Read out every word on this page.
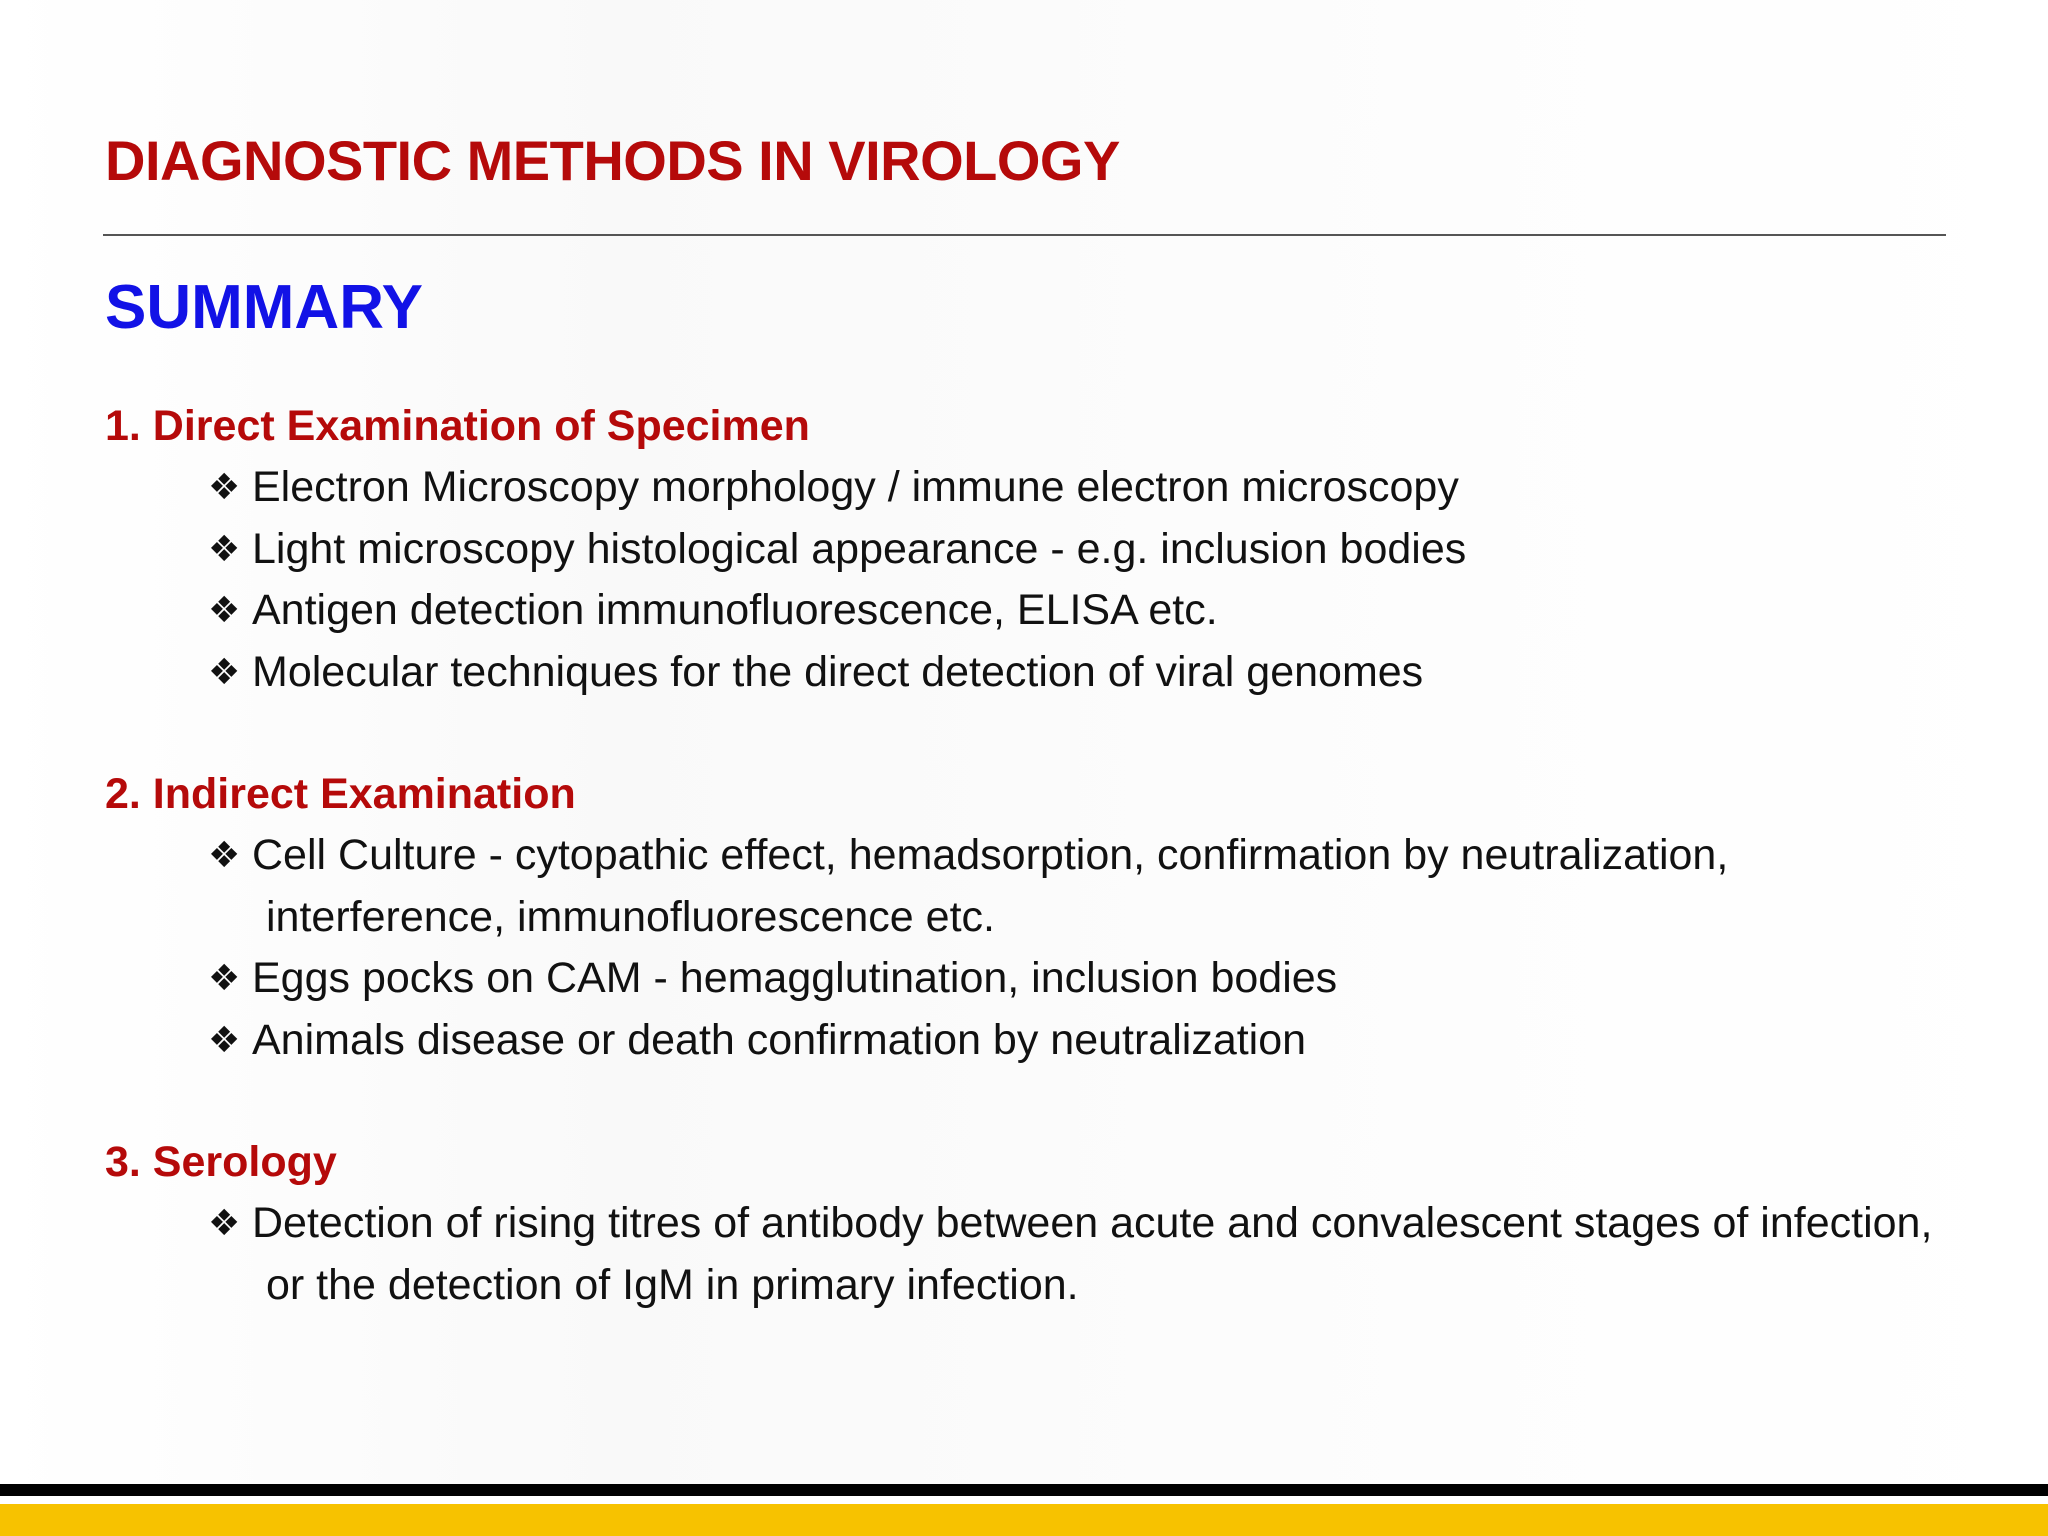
DIAGNOSTIC METHODS IN VIROLOGY
SUMMARY
1. Direct Examination of Specimen
❖ Electron Microscopy morphology / immune electron microscopy
❖ Light microscopy histological appearance - e.g. inclusion bodies
❖ Antigen detection immunofluorescence, ELISA etc.
❖ Molecular techniques for the direct detection of viral genomes
2. Indirect Examination
❖ Cell Culture - cytopathic effect, hemadsorption, confirmation by neutralization, interference, immunofluorescence etc.
❖ Eggs pocks on CAM - hemagglutination, inclusion bodies
❖ Animals disease or death confirmation by neutralization
3. Serology
❖ Detection of rising titres of antibody between acute and convalescent stages of infection, or the detection of IgM in primary infection.
